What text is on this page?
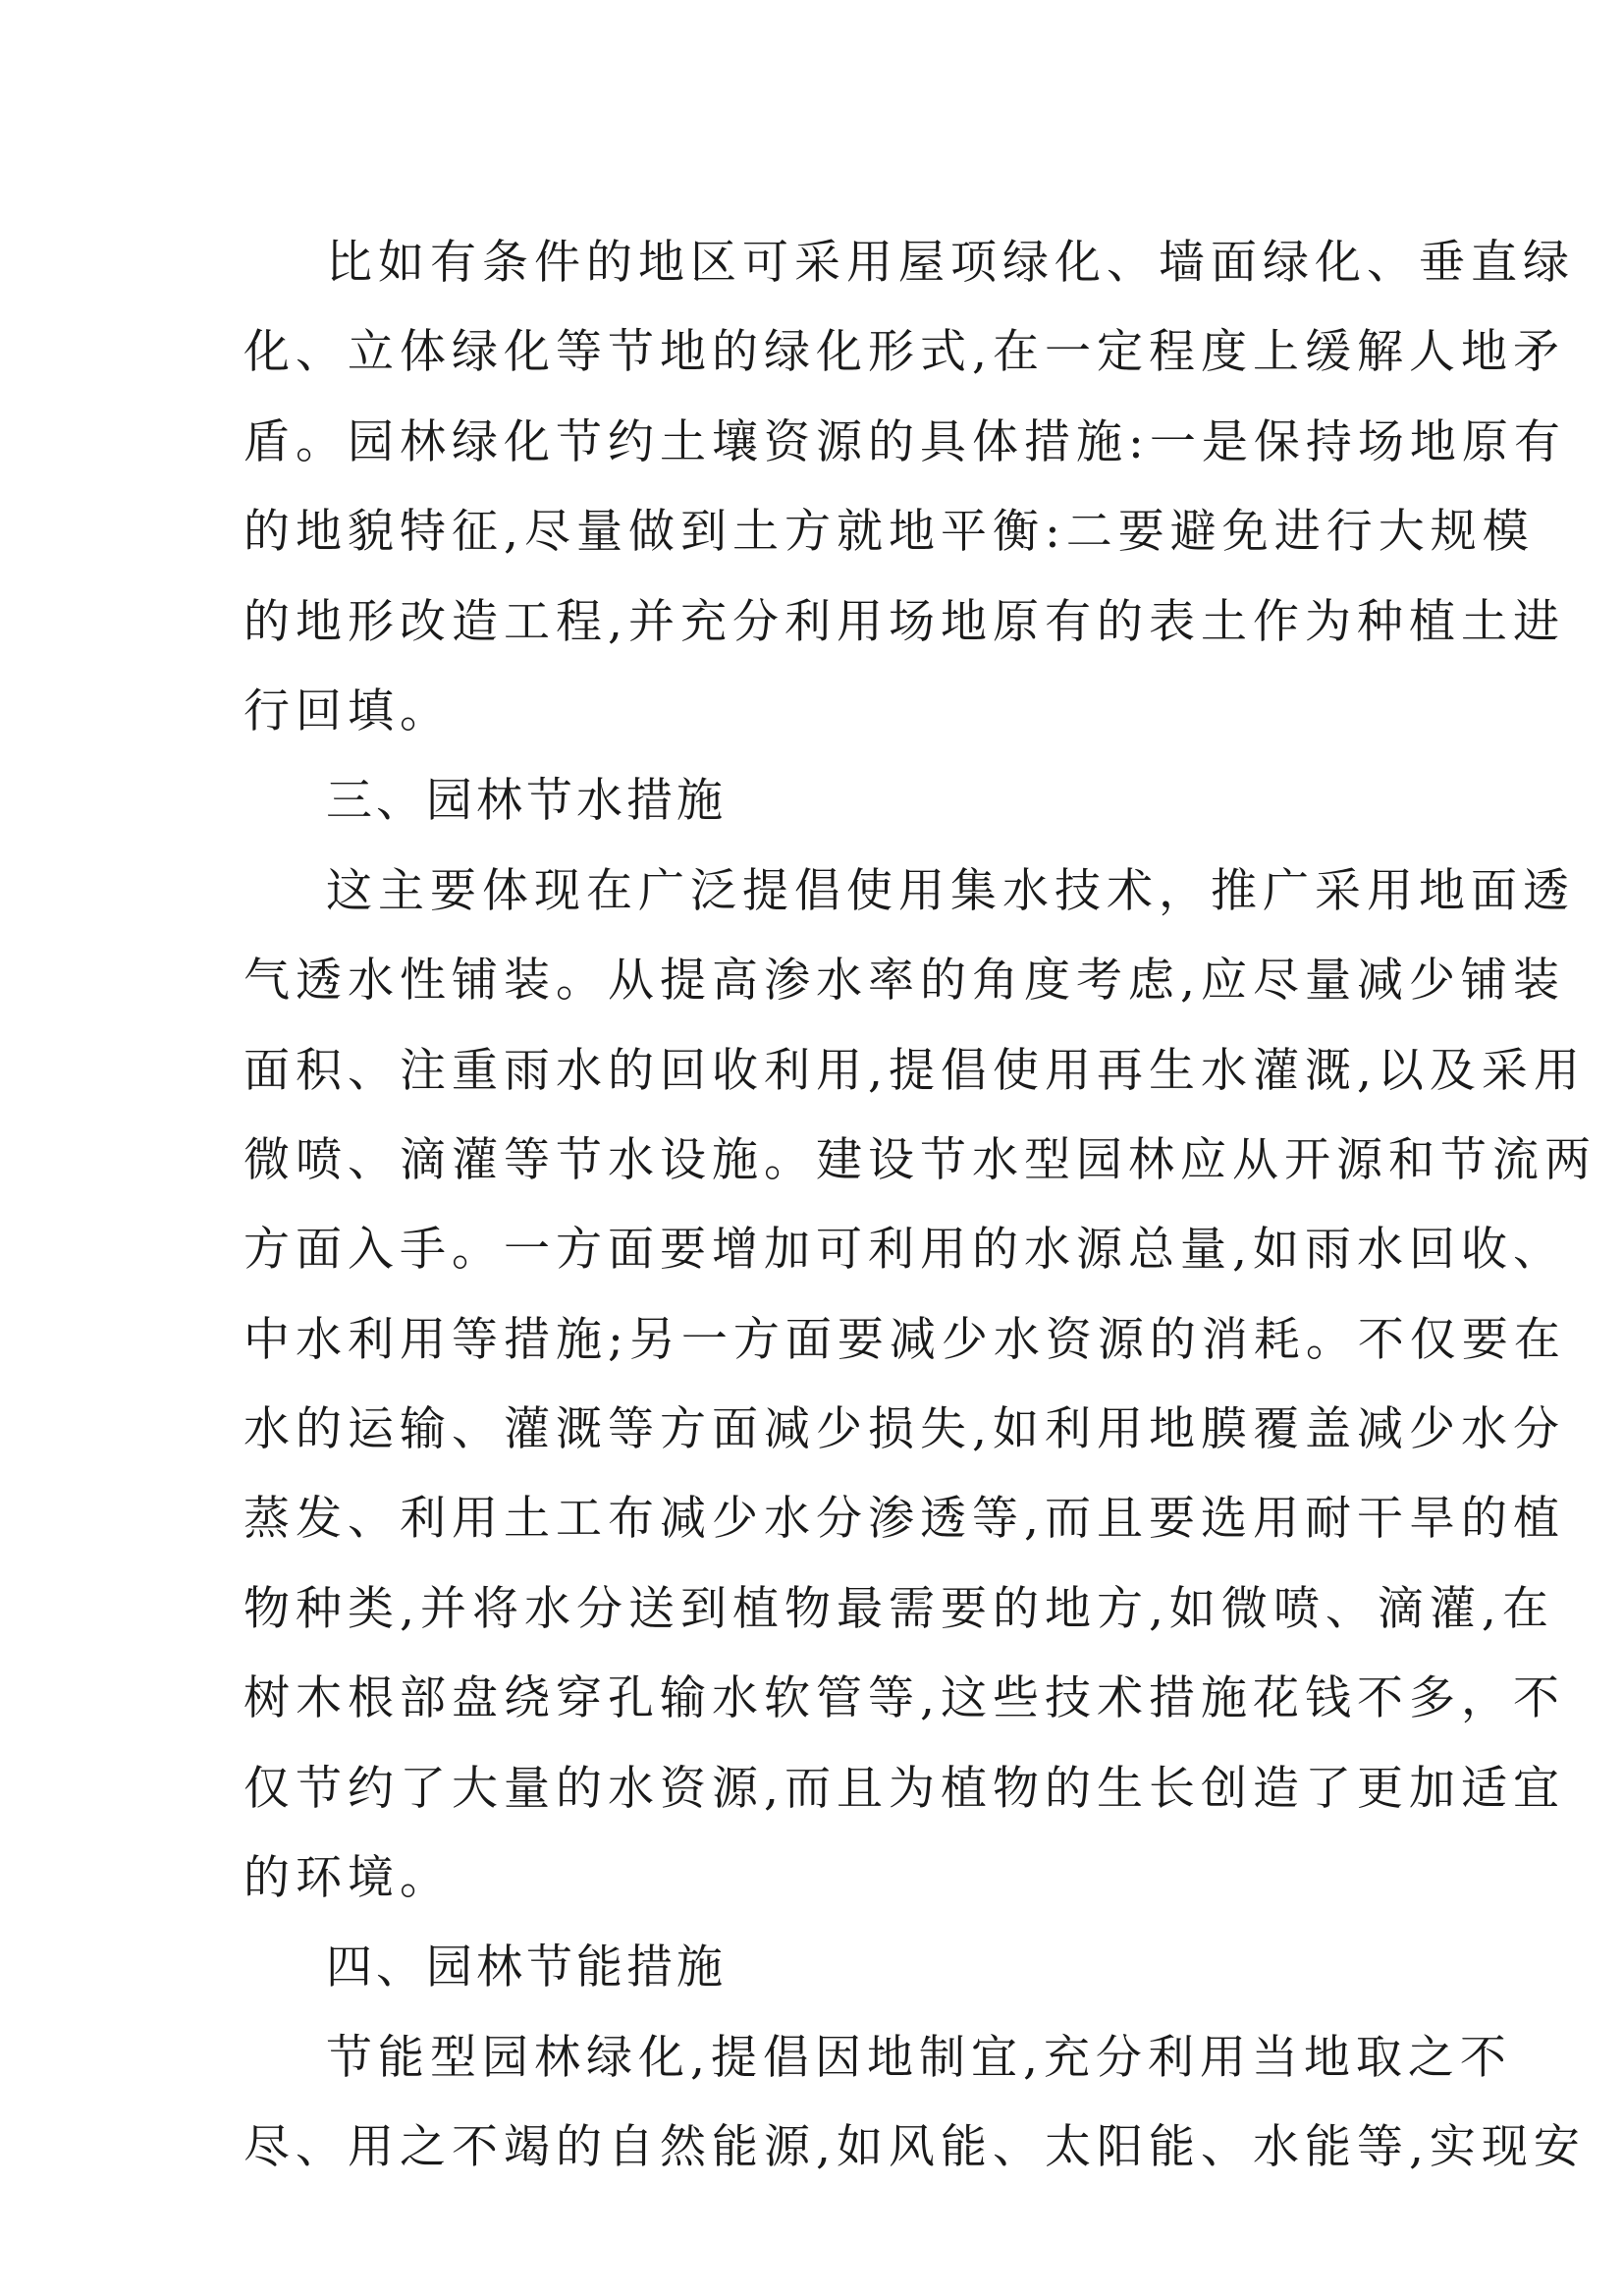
比如有条件的地区可采用屋项绿化、墙面绿化、垂直绿
化、立体绿化等节地的绿化形式,在一定程度上缓解人地矛
盾。园林绿化节约土壤资源的具体措施:一是保持场地原有
的地貌特征,尽量做到土方就地平衡:二要避免进行大规模
的地形改造工程,并充分利用场地原有的表土作为种植土进
行回填。
三、园林节水措施
这主要体现在广泛提倡使用集水技术，推广采用地面透
气透水性铺装。从提高渗水率的角度考虑,应尽量减少铺装
面积、注重雨水的回收利用,提倡使用再生水灌溉,以及采用
微喷、滴灌等节水设施。建设节水型园林应从开源和节流两
方面入手。一方面要增加可利用的水源总量,如雨水回收、
中水利用等措施;另一方面要减少水资源的消耗。不仅要在
水的运输、灌溉等方面减少损失,如利用地膜覆盖减少水分
蒸发、利用土工布减少水分渗透等,而且要选用耐干旱的植
物种类,并将水分送到植物最需要的地方,如微喷、滴灌,在
树木根部盘绕穿孔输水软管等,这些技术措施花钱不多，不
仅节约了大量的水资源,而且为植物的生长创造了更加适宜
的环境。
四、园林节能措施
节能型园林绿化,提倡因地制宜,充分利用当地取之不
尽、用之不竭的自然能源,如风能、太阳能、水能等,实现安
